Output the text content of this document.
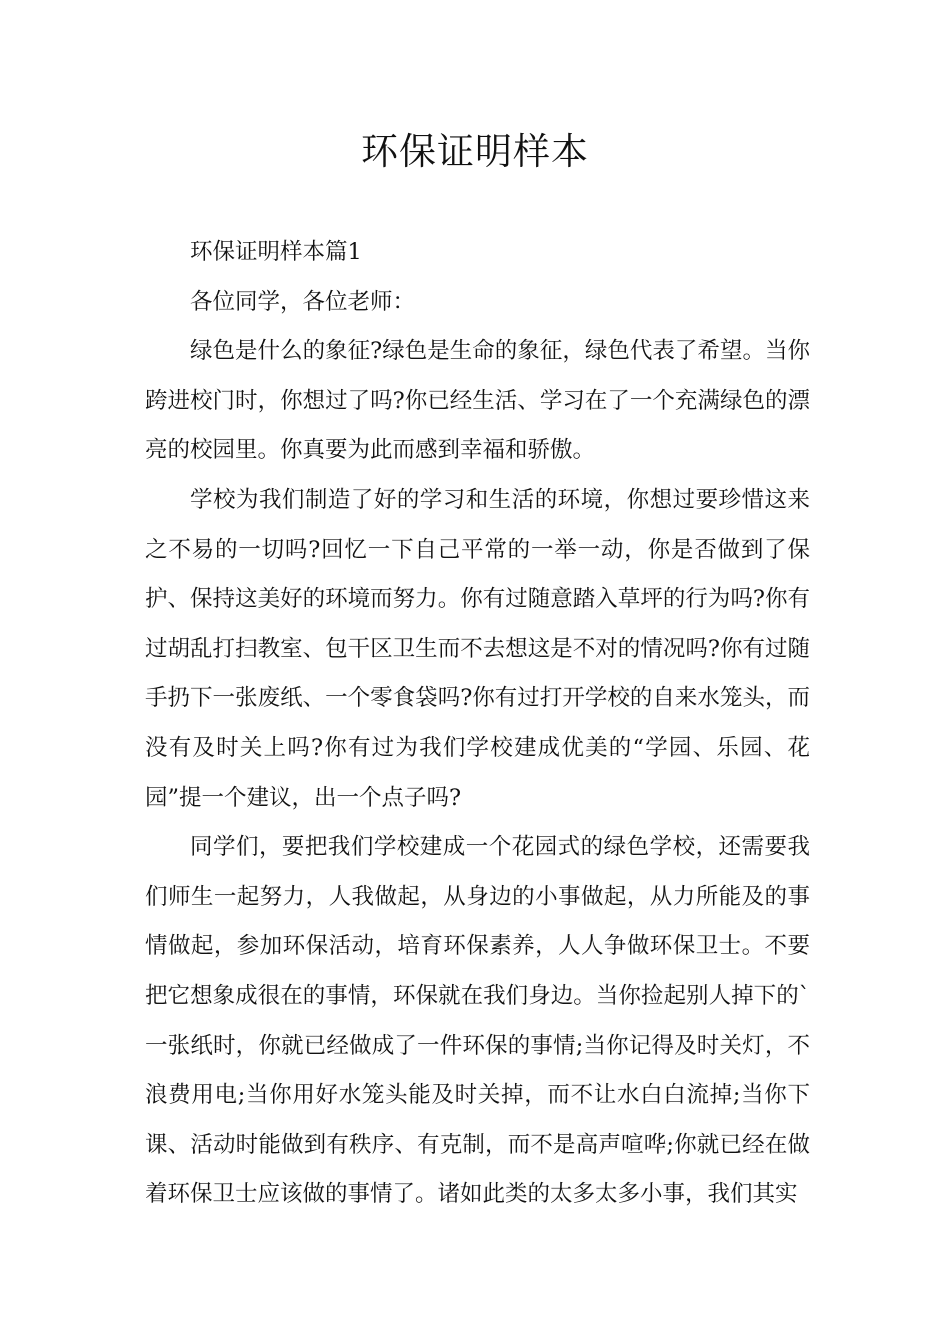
环保证明样本

环保证明样本篇1

各位同学，各位老师：

绿色是什么的象征?绿色是生命的象征，绿色代表了希望。当你跨进校门时，你想过了吗?你已经生活、学习在了一个充满绿色的漂亮的校园里。你真要为此而感到幸福和骄傲。

学校为我们制造了好的学习和生活的环境，你想过要珍惜这来之不易的一切吗?回忆一下自己平常的一举一动，你是否做到了保护、保持这美好的环境而努力。你有过随意踏入草坪的行为吗?你有过胡乱打扫教室、包干区卫生而不去想这是不对的情况吗?你有过随手扔下一张废纸、一个零食袋吗?你有过打开学校的自来水笼头，而没有及时关上吗?你有过为我们学校建成优美的“学园、乐园、花园”提一个建议，出一个点子吗?

同学们，要把我们学校建成一个花园式的绿色学校，还需要我们师生一起努力，人我做起，从身边的小事做起，从力所能及的事情做起，参加环保活动，培育环保素养，人人争做环保卫士。不要把它想象成很在的事情，环保就在我们身边。当你捡起别人掉下的`一张纸时，你就已经做成了一件环保的事情;当你记得及时关灯，不浪费用电;当你用好水笼头能及时关掉，而不让水白白流掉;当你下课、活动时能做到有秩序、有克制，而不是高声喧哗;你就已经在做着环保卫士应该做的事情了。诸如此类的太多太多小事，我们其实
